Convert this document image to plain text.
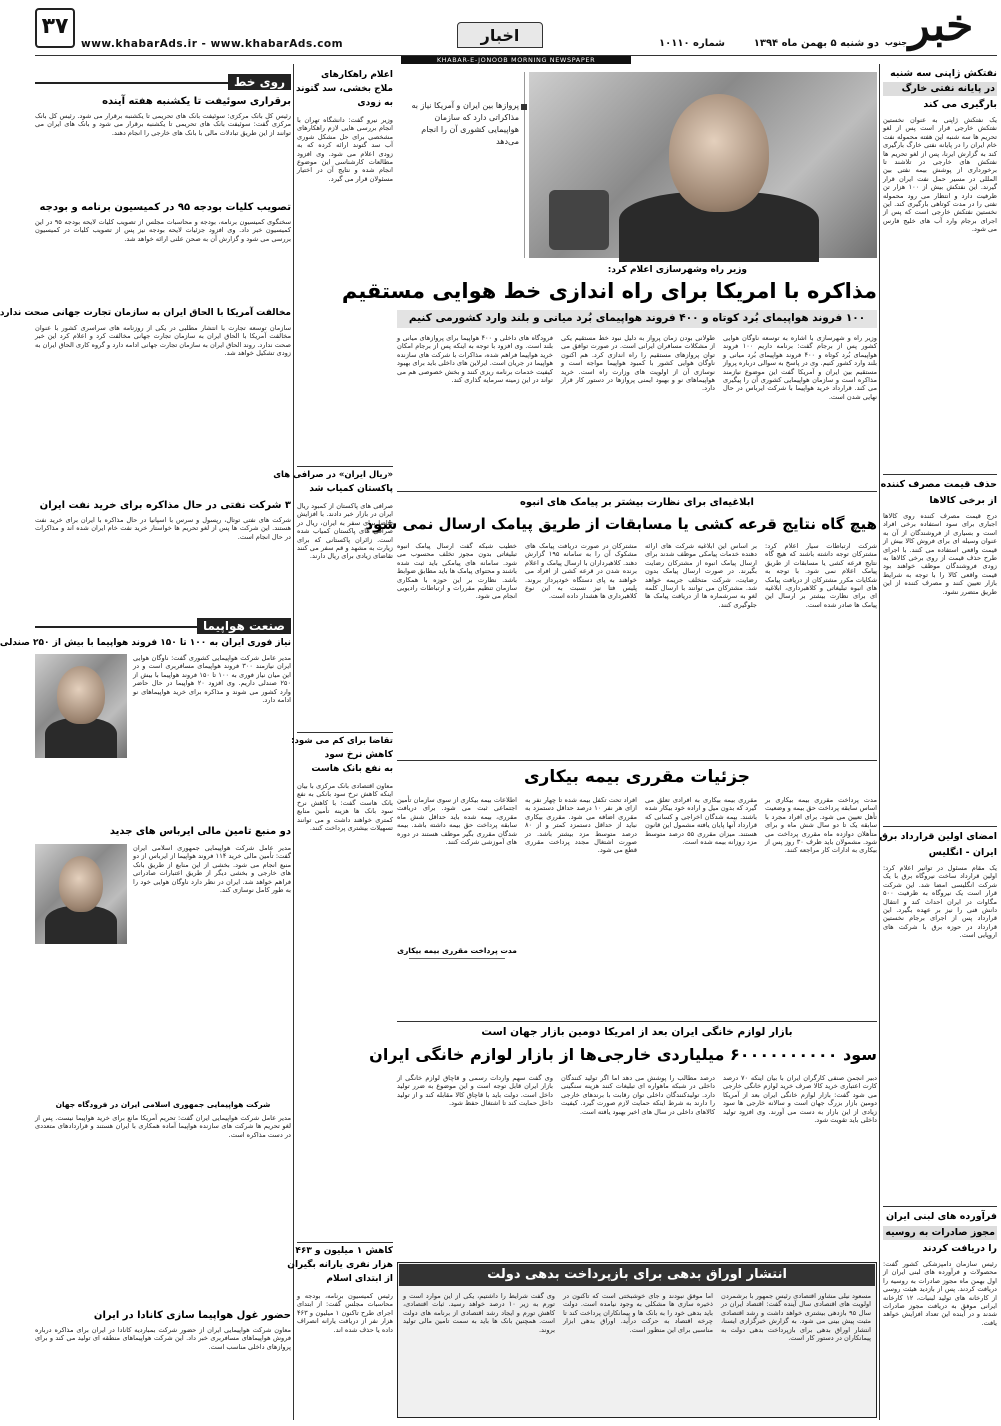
۳۷
www.khabarAds.ir - www.khabarAds.com	اخبار	دو شنبه ۵ بهمن ماه ۱۳۹۴
شماره ۱۰۱۱۰	خبر
جنوب
KHABAR-E-JONOOB MORNING NEWSPAPER
نفتکش ژاپنی سه شنبه
در پایانه نفتی خارگ
بارگیری می کند
یک نفتکش ژاپنی به عنوان نخستین نفتکش خارجی قرار است پس از لغو تحریم ها سه شنبه این هفته محموله نفت خام ایران را در پایانه نفتی خارگ بارگیری کند به گزارش ایرنا، پس از لغو تحریم ها نفتکش های خارجی در تلاشند تا برخورداری از پوشش بیمه نفتی بین المللی در مسیر حمل نفت ایران قرار گیرند. این نفتکش بیش از ۱۰۰ هزار تن ظرفیت دارد و انتظار می رود محموله نفتی را در مدت کوتاهی بارگیری کند. این نخستین نفتکش خارجی است که پس از اجرای برجام وارد آب های خلیج فارس می شود.
حذف قیمت مصرف کننده
از برخی کالاها
درج قیمت مصرف کننده روی کالاها اجباری برای سود استفاده برخی افراد است و بسیاری از فروشندگان از آن به عنوان وسیله ای برای فروش کالا بیش از قیمت واقعی استفاده می کنند. با اجرای طرح حذف قیمت از روی برخی کالاها به زودی فروشندگان موظف خواهند بود قیمت واقعی کالا را با توجه به شرایط بازار تعیین کنند و مصرف کننده از این طریق متضرر نشود.
امضای اولین قرارداد برق
ایران - انگلیس
یک مقام مسئول در توانیر اعلام کرد: اولین قرارداد ساخت نیروگاه برق با یک شرکت انگلیسی امضا شد. این شرکت قرار است یک نیروگاه به ظرفیت ۵۰۰ مگاوات در ایران احداث کند و انتقال دانش فنی را نیز بر عهده بگیرد. این قرارداد پس از اجرای برجام نخستین قرارداد در حوزه برق با شرکت های اروپایی است.
فرآورده های لبنی ایران
مجوز صادرات به روسیه
را دریافت کردند
رئیس سازمان دامپزشکی کشور گفت: محصولات و فرآورده های لبنی ایران از اول بهمن ماه مجوز صادرات به روسیه را دریافت کردند. پس از بازدید هیئت روسی از کارخانه های تولید لبنیات، ۱۲ کارخانه ایرانی موفق به دریافت مجوز صادرات شدند و در آینده این تعداد افزایش خواهد یافت.
پروازها بین ایران و آمریکا نیاز به مذاکراتی دارد که سازمان هواپیمایی کشوری آن را انجام می‌دهد
وزیر راه وشهرسازی اعلام کرد:
مذاکره با امریکا برای راه اندازی خط هوایی مستقیم
۱۰۰ فروند هواپیمای بُرد کوتاه و ۴۰۰ فروند هواپیمای بُرد میانی و بلند وارد کشورمی کنیم
وزیر راه و شهرسازی با اشاره به توسعه ناوگان هوایی کشور پس از برجام گفت: برنامه داریم ۱۰۰ فروند هواپیمای بُرد کوتاه و ۴۰۰ فروند هواپیمای بُرد میانی و بلند وارد کشور کنیم. وی در پاسخ به سوالی درباره پرواز مستقیم بین ایران و آمریکا گفت این موضوع نیازمند مذاکره است و سازمان هواپیمایی کشوری آن را پیگیری می کند. قرارداد خرید هواپیما با شرکت ایرباس در حال نهایی شدن است.
طولانی بودن زمان پرواز به دلیل نبود خط مستقیم یکی از مشکلات مسافران ایرانی است. در صورت توافق می توان پروازهای مستقیم را راه اندازی کرد. هم اکنون ناوگان هوایی کشور با کمبود هواپیما مواجه است و نوسازی آن از اولویت های وزارت راه است. خرید هواپیماهای نو و بهبود ایمنی پروازها در دستور کار قرار دارد.
فرودگاه های داخلی و ۴۰۰ هواپیما برای پروازهای میانی و بلند است. وی افزود با توجه به اینکه پس از برجام امکان خرید هواپیما فراهم شده، مذاکرات با شرکت های سازنده هواپیما در جریان است. ایرلاین های داخلی باید برای بهبود کیفیت خدمات برنامه ریزی کنند و بخش خصوصی هم می تواند در این زمینه سرمایه گذاری کند.
ابلاغیه‌ای برای نظارت بیشتر بر پیامک های انبوه
هیچ گاه نتایج قرعه کشی یا مسابقات از طریق پیامک ارسال نمی شود
شرکت ارتباطات سیار اعلام کرد: مشترکان توجه داشته باشند که هیچ گاه نتایج قرعه کشی یا مسابقات از طریق پیامک اعلام نمی شود. با توجه به شکایات مکرر مشترکان از دریافت پیامک های انبوه تبلیغاتی و کلاهبرداری، ابلاغیه ای برای نظارت بیشتر بر ارسال این پیامک ها صادر شده است.
بر اساس این ابلاغیه شرکت های ارائه دهنده خدمات پیامکی موظف شدند برای ارسال پیامک انبوه از مشترکان رضایت بگیرند. در صورت ارسال پیامک بدون رضایت، شرکت متخلف جریمه خواهد شد. مشترکان می توانند با ارسال کلمه لغو به سرشماره ها از دریافت پیامک ها جلوگیری کنند.
مشترکان در صورت دریافت پیامک های مشکوک آن را به سامانه ۱۹۵ گزارش دهند. کلاهبرداران با ارسال پیامک و اعلام برنده شدن در قرعه کشی از افراد می خواهند به پای دستگاه خودپرداز بروند. پلیس فتا نیز نسبت به این نوع کلاهبرداری ها هشدار داده است.
خطیب شبکه گفت ارسال پیامک انبوه تبلیغاتی بدون مجوز تخلف محسوب می شود. سامانه های پیامکی باید ثبت شده باشند و محتوای پیامک ها باید مطابق ضوابط باشد. نظارت بر این حوزه با همکاری سازمان تنظیم مقررات و ارتباطات رادیویی انجام می شود.
جزئیات مقرری بیمه بیکاری
مدت پرداخت مقرری بیمه بیکاری بر اساس سابقه پرداخت حق بیمه و وضعیت تأهل تعیین می شود. برای افراد مجرد با سابقه یک تا دو سال شش ماه و برای متأهلان دوازده ماه مقرری پرداخت می شود. مشمولان باید ظرف ۳۰ روز پس از بیکاری به ادارات کار مراجعه کنند.
مقرری بیمه بیکاری به افرادی تعلق می گیرد که بدون میل و اراده خود بیکار شده باشند. بیمه شدگان اخراجی و کسانی که قرارداد آنها پایان یافته مشمول این قانون هستند. میزان مقرری ۵۵ درصد متوسط مزد روزانه بیمه شده است.
افراد تحت تکفل بیمه شده تا چهار نفر به ازای هر نفر ۱۰ درصد حداقل دستمزد به مقرری اضافه می شود. مقرری بیکاری نباید از حداقل دستمزد کمتر و از ۸۰ درصد متوسط مزد بیشتر باشد. در صورت اشتغال مجدد پرداخت مقرری قطع می شود.
اطلاعات بیمه بیکاری از سوی سازمان تأمین اجتماعی ثبت می شود. برای دریافت مقرری، بیمه شده باید حداقل شش ماه سابقه پرداخت حق بیمه داشته باشد. بیمه شدگان مقرری بگیر موظف هستند در دوره های آموزشی شرکت کنند.
مدت پرداخت مقرری بیمه بیکاری
بازار لوازم خانگی ایران بعد از امریکا دومین بازار جهان است
سود ۶۰۰۰۰۰۰۰۰۰۰ میلیاردی خارجی‌ها از بازار لوازم خانگی ایران
دبیر انجمن صنفی کارگران ایران با بیان اینکه ۷۰ درصد کارت اعتباری خرید کالا صرف خرید لوازم خانگی خارجی می شود گفت: بازار لوازم خانگی ایران بعد از آمریکا دومین بازار بزرگ جهان است و سالانه خارجی ها سود زیادی از این بازار به دست می آورند. وی افزود تولید داخلی باید تقویت شود.
درصد مطالب را پوشش می دهد اما اگر تولید کنندگان داخلی در شبکه ماهواره ای تبلیغات کنند هزینه سنگینی دارد. تولیدکنندگان داخلی توان رقابت با برندهای خارجی را دارند به شرط اینکه حمایت لازم صورت گیرد. کیفیت کالاهای داخلی در سال های اخیر بهبود یافته است.
وی گفت سهم واردات رسمی و قاچاق لوازم خانگی از بازار ایران قابل توجه است و این موضوع به ضرر تولید داخل است. دولت باید با قاچاق کالا مقابله کند و از تولید داخل حمایت کند تا اشتغال حفظ شود.
انتشار اوراق بدهی برای بازپرداخت بدهی دولت
مسعود نیلی مشاور اقتصادی رئیس جمهور با برشمردن اولویت های اقتصادی سال آینده گفت: اقتصاد ایران در سال ۹۵ بازدهی بیشتری خواهد داشت و رشد اقتصادی مثبت پیش بینی می شود. به گزارش خبرگزاری ایسنا، انتشار اوراق بدهی برای بازپرداخت بدهی دولت به پیمانکاران در دستور کار است.
اما موفق نبودند و جای خوشبختی است که تاکنون در ذخیره سازی ها مشکلی به وجود نیامده است. دولت باید بدهی خود را به بانک ها و پیمانکاران پرداخت کند تا چرخه اقتصاد به حرکت درآید. اوراق بدهی ابزار مناسبی برای این منظور است.
وی گفت شرایط را داشتیم، یکی از این موارد است و تورم به زیر ۱۰ درصد خواهد رسید. ثبات اقتصادی، کاهش تورم و ایجاد رشد اقتصادی از برنامه های دولت است. همچنین بانک ها باید به سمت تامین مالی تولید بروند.
اعلام راهکارهای
ملاج بخشی، سد گتوند
به زودی
وزیر نیرو گفت: دانشگاه تهران با انجام بررسی هایی لازم راهکارهای مشخصی برای حل مشکل شوری آب سد گتوند ارائه کرده که به زودی اعلام می شود. وی افزود مطالعات کارشناسی این موضوع انجام شده و نتایج آن در اختیار مسئولان قرار می گیرد.
«ریال ایران» در صرافی های
پاکستان کمیاب شد
صرافی های پاکستان از کمبود ریال ایران در بازار خبر دادند. با افزایش تقاضا برای سفر به ایران، ریال در صرافی های پاکستان کمیاب شده است. زائران پاکستانی که برای زیارت به مشهد و قم سفر می کنند تقاضای زیادی برای ریال دارند.
تقاضا برای کم می شود:
کاهش نرخ سود
به نفع بانک هاست
معاون اقتصادی بانک مرکزی با بیان اینکه کاهش نرخ سود بانکی به نفع بانک هاست گفت: با کاهش نرخ سود بانک ها هزینه تأمین منابع کمتری خواهند داشت و می توانند تسهیلات بیشتری پرداخت کنند.
کاهش ۱ میلیون و ۴۶۳
هزار نفری یارانه بگیران
از ابتدای اسلام
رئیس کمیسیون برنامه، بودجه و محاسبات مجلس گفت: از ابتدای اجرای طرح تاکنون ۱ میلیون و ۴۶۳ هزار نفر از دریافت یارانه انصراف داده یا حذف شده اند.
روی خط
برقراری سوئیفت تا یکشنبه هفته آینده
رئیس کل بانک مرکزی: سوئیفت بانک های تحریمی تا یکشنبه برقرار می شود. رئیس کل بانک مرکزی گفت: سوئیفت بانک های تحریمی تا یکشنبه برقرار می شود و بانک های ایران می توانند از این طریق تبادلات مالی با بانک های خارجی را انجام دهند.
تصویب کلیات بودجه ۹۵ در کمیسیون برنامه و بودجه
سخنگوی کمیسیون برنامه، بودجه و محاسبات مجلس از تصویب کلیات لایحه بودجه ۹۵ در این کمیسیون خبر داد. وی افزود جزئیات لایحه بودجه نیز پس از تصویب کلیات در کمیسیون بررسی می شود و گزارش آن به صحن علنی ارائه خواهد شد.
مخالفت آمریکا با الحاق ایران به سازمان تجارت جهانی صحت ندارد
سازمان توسعه تجارت با انتشار مطلبی در یکی از روزنامه های سراسری کشور با عنوان مخالفت آمریکا با الحاق ایران به سازمان تجارت جهانی مخالفت کرد و اعلام کرد این خبر صحت ندارد. روند الحاق ایران به سازمان تجارت جهانی ادامه دارد و گروه کاری الحاق ایران به زودی تشکیل خواهد شد.
۳ شرکت نفتی در حال مذاکره برای خرید نفت ایران
شرکت های نفتی توتال، رپسول و سرس با اسپانیا در حال مذاکره با ایران برای خرید نفت هستند. این شرکت ها پس از لغو تحریم ها خواستار خرید نفت خام ایران شده اند و مذاکرات در حال انجام است.
صنعت هواپیما
نیاز فوری ایران به ۱۰۰ تا ۱۵۰ فروند هواپیما با بیش از ۲۵۰ صندلی
مدیر عامل شرکت هواپیمایی کشوری گفت: ناوگان هوایی ایران نیازمند ۳۰۰ فروند هواپیمای مسافربری است و در این میان نیاز فوری به ۱۰۰ تا ۱۵۰ فروند هواپیما با بیش از ۲۵۰ صندلی داریم. وی افزود ۲۰ هواپیما در حال حاضر وارد کشور می شوند و مذاکره برای خرید هواپیماهای نو ادامه دارد.
دو منبع تامین مالی ایرباس های جدید
مدیر عامل شرکت هواپیمایی جمهوری اسلامی ایران گفت: تأمین مالی خرید ۱۱۴ فروند هواپیما از ایرباس از دو منبع انجام می شود. بخشی از این منابع از طریق بانک های خارجی و بخشی دیگر از طریق اعتبارات صادراتی فراهم خواهد شد. ایران در نظر دارد ناوگان هوایی خود را به طور کامل نوسازی کند.
شرکت هواپیمایی جمهوری اسلامی ایران در فرودگاه جهان
مدیر عامل شرکت هواپیمایی ایران گفت: تحریم آمریکا مانع برای خرید هواپیما نیست. پس از لغو تحریم ها شرکت های سازنده هواپیما آماده همکاری با ایران هستند و قراردادهای متعددی در دست مذاکره است.
حضور غول هواپیما سازی کانادا در ایران
معاون شرکت هواپیمایی ایران از حضور شرکت بمباردیه کانادا در ایران برای مذاکره درباره فروش هواپیماهای مسافربری خبر داد. این شرکت هواپیماهای منطقه ای تولید می کند و برای پروازهای داخلی مناسب است.
